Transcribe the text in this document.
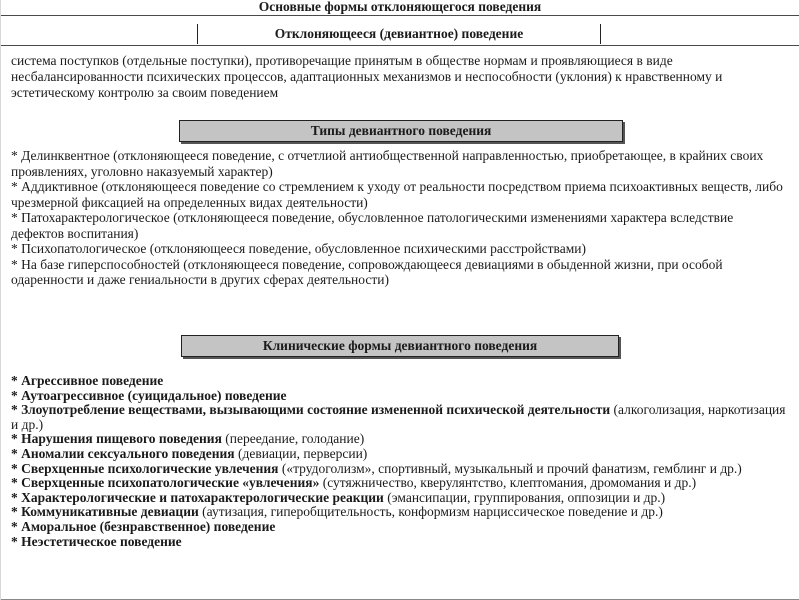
Основные формы отклоняющегося поведения
Отклоняющееся (девиантное) поведение
система поступков (отдельные поступки), противоречащие принятым в обществе нормам и проявляющиеся в виде несбалансированности психических процессов, адаптационных механизмов и неспособности (уклония) к нравственному и эстетическому контролю за своим поведением
Типы девиантного поведения

* Делинквентное (отклоняющееся поведение, с отчетлиой антиобщественной направленностью, приобретающее, в крайних своих проявлениях, уголовно наказуемый характер)

* Аддиктивное (отклоняющееся поведение со стремлением к уходу от реальности посредством приема психоактивных веществ, либо чрезмерной фиксацией на определенных видах деятельности)

* Патохарактерологическое (отклоняющееся поведение, обусловленное патологическими изменениями характера вследствие дефектов воспитания)

* Психопатологическое (отклоняющееся поведение, обусловленное психическими расстройствами)

* На базе гиперспособностей (отклоняющееся поведение, сопровождающееся девиациями в обыденной жизни, при особой одаренности и даже гениальности в других сферах деятельности)

Клинические формы девиантного поведения

* Агрессивное поведение

* Аутоагрессивное (суицидальное) поведение

* Злоупотребление веществами, вызывающими состояние измененной психической деятельности (алкоголизация, наркотизация и др.)

* Нарушения пищевого поведения (переедание, голодание)

* Аномалии сексуального поведения (девиации, перверсии)

* Сверхценные психологические увлечения («трудоголизм», спортивный, музыкальный и прочий фанатизм, гемблинг и др.)

* Сверхценные психопатологические «увлечения» (сутяжничество, кверулянтство, клептомания, дромомания и др.)

* Характерологические и патохарактерологические реакции (эмансипации, группирования, оппозиции и др.)

* Коммуникативные девиации (аутизация, гиперобщительность, конформизм нарциссическое поведение и др.)

* Аморальное (безнравственное) поведение

* Неэстетическое поведение
